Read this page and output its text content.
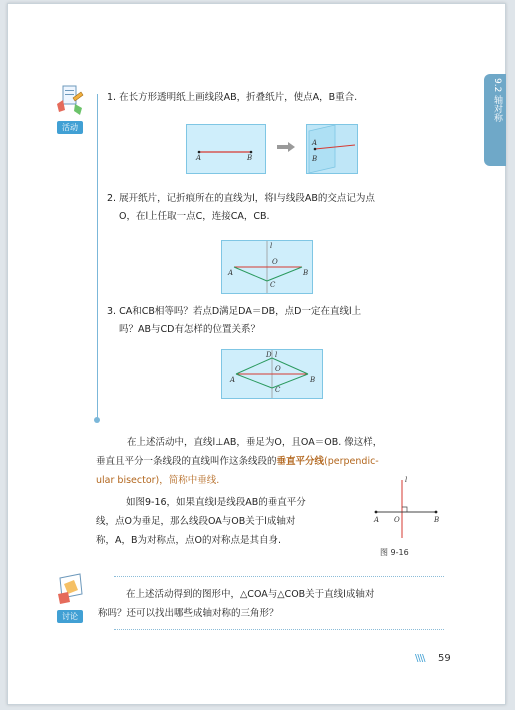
9.2 轴对称
活动
1. 在长方形透明纸上画线段AB，折叠纸片，使点A，B重合.
A	B
A
B
2. 展开纸片，记折痕所在的直线为l，将l与线段AB的交点记为点
O，在l上任取一点C，连接CA，CB.
l
O
A	B
C
3. CA和CB相等吗？若点D满足DA＝DB，点D一定在直线l上
吗？AB与CD有怎样的位置关系？
D l
O
A	B
C
在上述活动中，直线l⊥AB，垂足为O，且OA＝OB. 像这样，
垂直且平分一条线段的直线叫作这条线段的垂直平分线(perpendic-
ular bisector)，简称中垂线.
如图9-16，如果直线l是线段AB的垂直平分
线，点O为垂足，那么线段OA与OB关于l成轴对
称，A，B为对称点，点O的对称点是其自身.
l
A O	B
图 9-16
讨论
在上述活动得到的图形中，△COA与△COB关于直线l成轴对
称吗？还可以找出哪些成轴对称的三角形？
\\\\ 59
